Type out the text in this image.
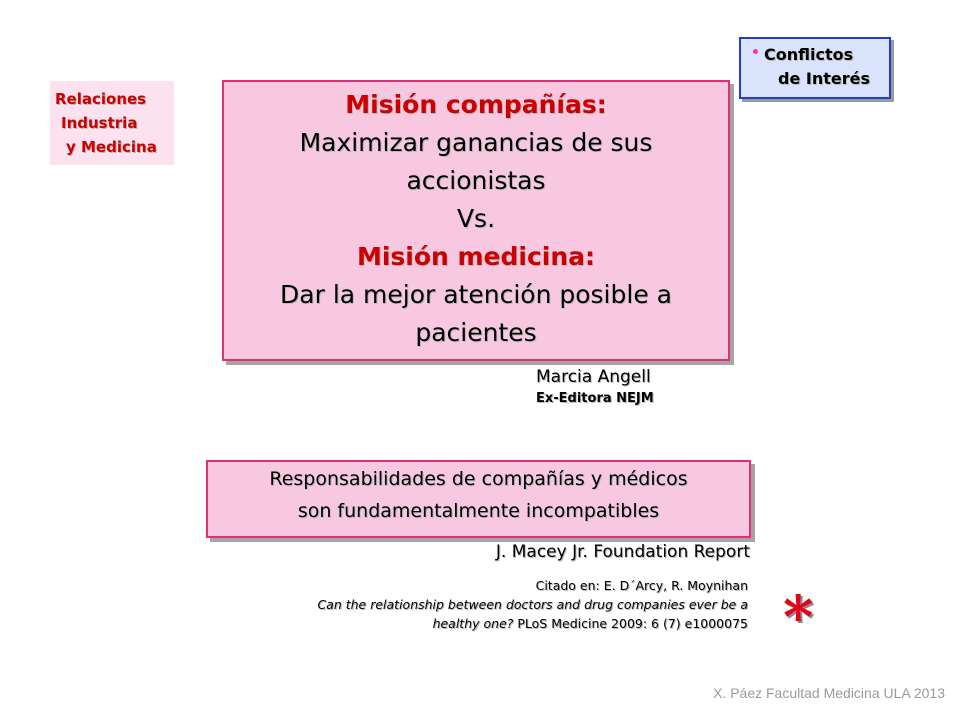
• Conflictos
de Interés
Relaciones
Industria
y Medicina
Misión compañías:
Maximizar ganancias de sus
accionistas
Vs.
Misión medicina:
Dar la mejor atención posible a
pacientes
Marcia Angell
Ex-Editora NEJM
Responsabilidades de compañías y médicos
son fundamentalmente incompatibles
J. Macey Jr. Foundation Report
Citado en: E. D´Arcy, R. Moynihan
Can the relationship between doctors and drug companies ever be a
healthy one? PLoS Medicine 2009: 6 (7) e1000075 *
X. Páez Facultad Medicina ULA 2013
